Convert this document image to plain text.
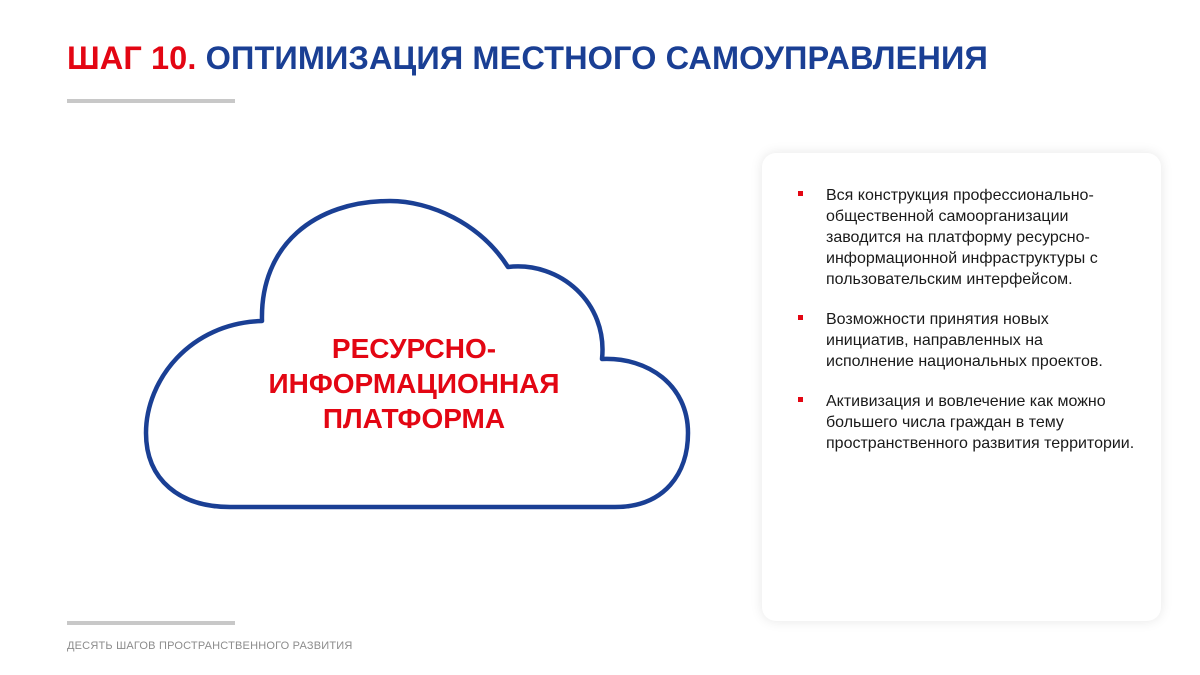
ШАГ 10. ОПТИМИЗАЦИЯ МЕСТНОГО САМОУПРАВЛЕНИЯ
РЕСУРСНО-
ИНФОРМАЦИОННАЯ
ПЛАТФОРМА
Вся конструкция профессионально-общественной самоорганизации заводится на платформу ресурсно-информационной инфраструктуры с пользовательским интерфейсом.
Возможности принятия новых инициатив, направленных на исполнение национальных проектов.
Активизация и вовлечение как можно большего числа граждан в тему пространственного развития территории.
ДЕСЯТЬ ШАГОВ ПРОСТРАНСТВЕННОГО РАЗВИТИЯ
